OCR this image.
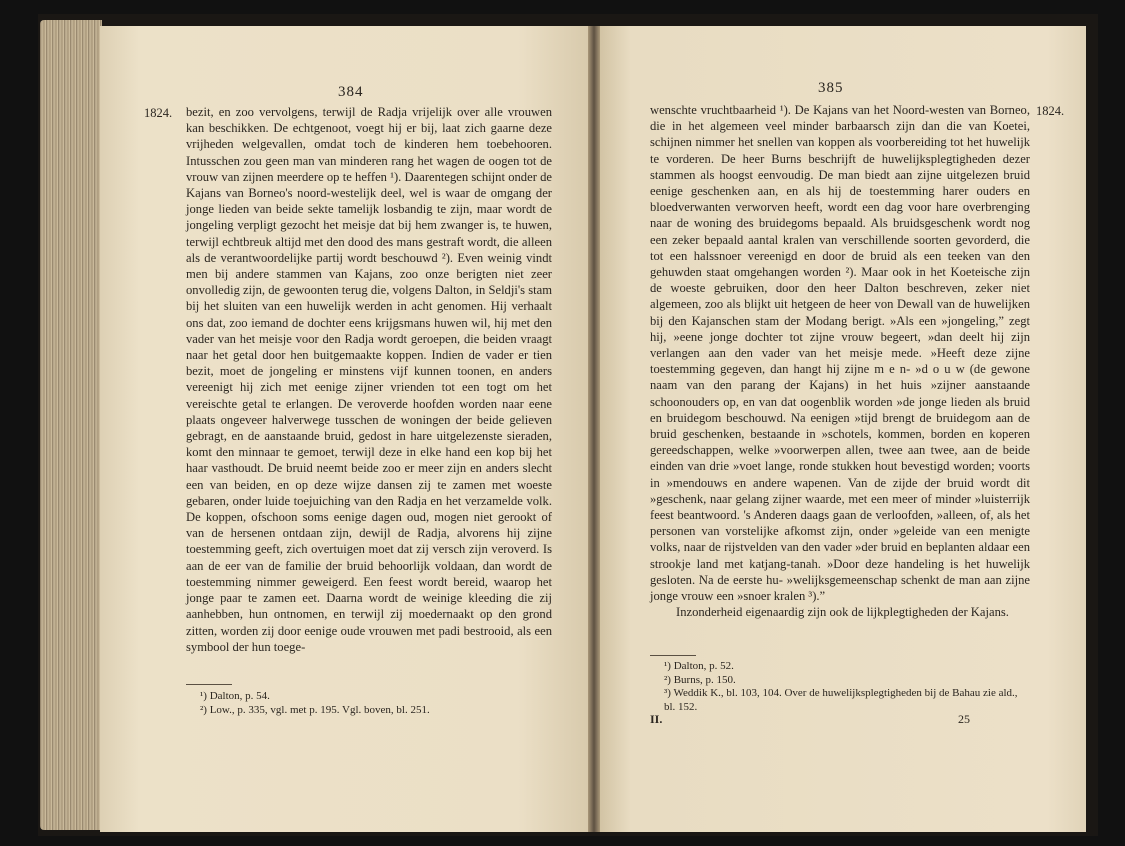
384
1824. bezit, en zoo vervolgens, terwijl de Radja vrijelijk over alle vrouwen kan beschikken. De echtgenoot, voegt hij er bij, laat zich gaarne deze vrijheden welgevallen, omdat toch de kinderen hem toebehooren. Intusschen zou geen man van minderen rang het wagen de oogen tot de vrouw van zijnen meerdere op te heffen ¹). Daarentegen schijnt onder de Kajans van Borneo's noord-westelijk deel, wel is waar de omgang der jonge lieden van beide sekte tamelijk losbandig te zijn, maar wordt de jongeling verpligt gezocht het meisje dat bij hem zwanger is, te huwen, terwijl echtbreuk altijd met den dood des mans gestraft wordt, die alleen als de verantwoordelijke partij wordt beschouwd ²). Even weinig vindt men bij andere stammen van Kajans, zoo onze berigten niet zeer onvolledig zijn, de gewoonten terug die, volgens Dalton, in Seldji's stam bij het sluiten van een huwelijk werden in acht genomen. Hij verhaalt ons dat, zoo iemand de dochter eens krijgsmans huwen wil, hij met den vader van het meisje voor den Radja wordt geroepen, die beiden vraagt naar het getal door hen buitgemaakte koppen. Indien de vader er tien bezit, moet de jongeling er minstens vijf kunnen toonen, en anders vereenigt hij zich met eenige zijner vrienden tot een togt om het vereischte getal te erlangen. De veroverde hoofden worden naar eene plaats ongeveer halverwege tusschen de woningen der beide gelieven gebragt, en de aanstaande bruid, gedost in hare uitgelezenste sieraden, komt den minnaar te gemoet, terwijl deze in elke hand een kop bij het haar vasthoudt. De bruid neemt beide zoo er meer zijn en anders slecht een van beiden, en op deze wijze dansen zij te zamen met woeste gebaren, onder luide toejuiching van den Radja en het verzamelde volk. De koppen, ofschoon soms eenige dagen oud, mogen niet gerookt of van de hersenen ontdaan zijn, dewijl de Radja, alvorens hij zijne toestemming geeft, zich overtuigen moet dat zij versch zijn veroverd. Is aan de eer van de familie der bruid behoorlijk voldaan, dan wordt de toestemming nimmer geweigerd. Een feest wordt bereid, waarop het jonge paar te zamen eet. Daarna wordt de weinige kleeding die zij aanhebben, hun ontnomen, en terwijl zij moedernaakt op den grond zitten, worden zij door eenige oude vrouwen met padi bestrooid, als een symbool der hun toege-

¹) Dalton, p. 54.
²) Low., p. 335, vgl. met p. 195. Vgl. boven, bl. 251.
385
1824.

wenschte vruchtbaarheid ¹). De Kajans van het Noord-westen van Borneo, die in het algemeen veel minder barbaarsch zijn dan die van Koetei, schijnen nimmer het snellen van koppen als voorbereiding tot het huwelijk te vorderen. De heer Burns beschrijft de huwelijksplegtigheden dezer stammen als hoogst eenvoudig. De man biedt aan zijne uitgelezen bruid eenige geschenken aan, en als hij de toestemming harer ouders en bloedverwanten verworven heeft, wordt een dag voor hare overbrenging naar de woning des bruidegoms bepaald. Als bruidsgeschenk wordt nog een zeker bepaald aantal kralen van verschillende soorten gevorderd, die tot een halssnoer vereenigd en door de bruid als een teeken van den gehuwden staat omgehangen worden ²). Maar ook in het Koeteische zijn de woeste gebruiken, door den heer Dalton beschreven, zeker niet algemeen, zoo als blijkt uit hetgeen de heer von Dewall van de huwelijken bij den Kajanschen stam der Modang berigt. »Als een »jongeling,” zegt hij, »eene jonge dochter tot zijne vrouw begeert, »dan deelt hij zijn verlangen aan den vader van het meisje mede. »Heeft deze zijne toestemming gegeven, dan hangt hij zijne m e n- »d o u w (de gewone naam van den parang der Kajans) in het huis »zijner aanstaande schoonouders op, en van dat oogenblik worden »de jonge lieden als bruid en bruidegom beschouwd. Na eenigen »tijd brengt de bruidegom aan de bruid geschenken, bestaande in »schotels, kommen, borden en koperen gereedschappen, welke »voorwerpen allen, twee aan twee, aan de beide einden van drie »voet lange, ronde stukken hout bevestigd worden; voorts in »mendouws en andere wapenen. Van de zijde der bruid wordt dit »geschenk, naar gelang zijner waarde, met een meer of minder »luisterrijk feest beantwoord. 's Anderen daags gaan de verloofden, »alleen, of, als het personen van vorstelijke afkomst zijn, onder »geleide van een menigte volks, naar de rijstvelden van den vader »der bruid en beplanten aldaar een strookje land met katjang-tanah. »Door deze handeling is het huwelijk gesloten. Na de eerste hu- »welijksgemeenschap schenkt de man aan zijne jonge vrouw een »snoer kralen ³).”

Inzonderheid eigenaardig zijn ook de lijkplegtigheden der Kajans.

¹) Dalton, p. 52.
²) Burns, p. 150.
³) Weddik K., bl. 103, 104. Over de huwelijksplegtigheden bij de Bahau zie ald., bl. 152.
II.	25
